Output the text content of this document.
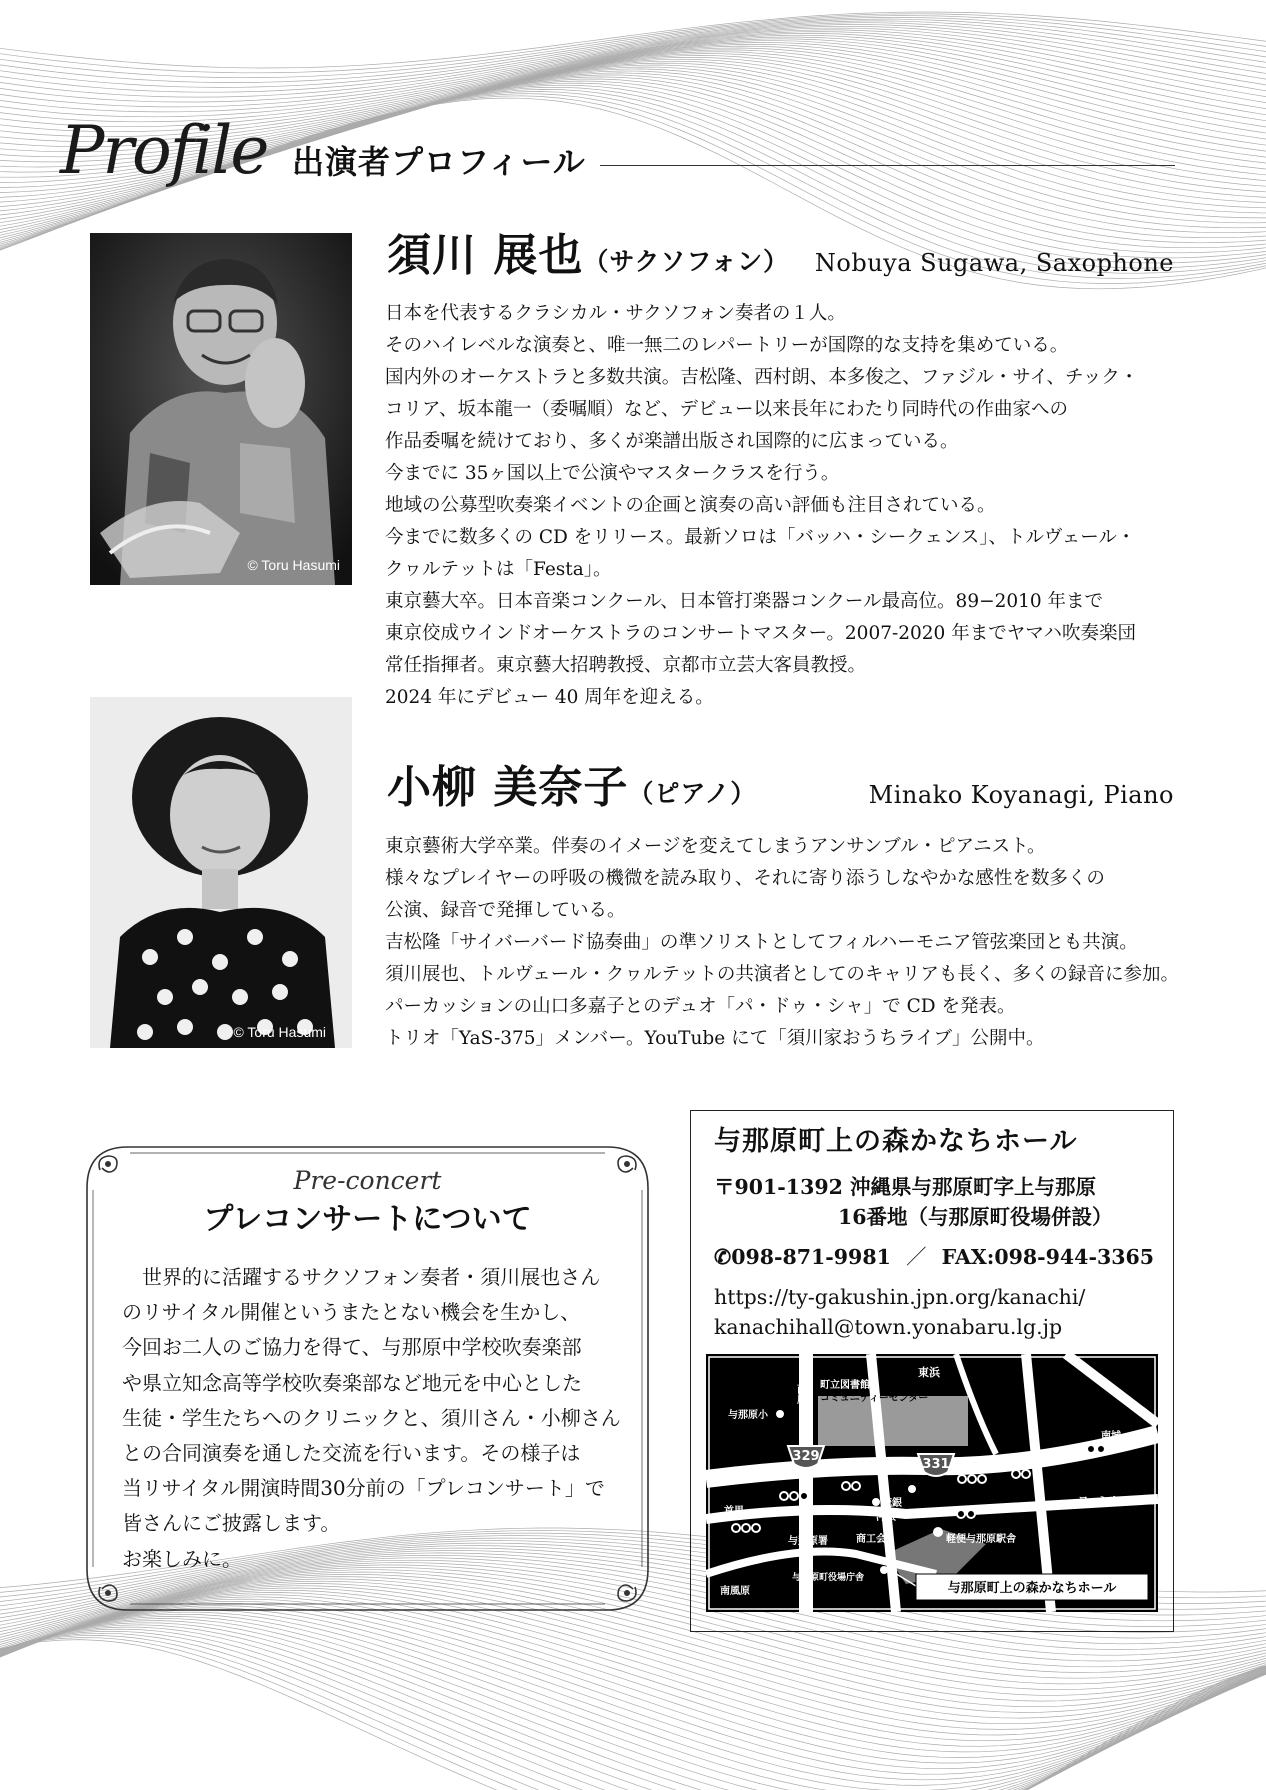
Profile 出演者プロフィール
© Toru Hasumi
須川 展也（サクソフォン） Nobuya Sugawa, Saxophone
日本を代表するクラシカル・サクソフォン奏者の１人。
そのハイレベルな演奏と、唯一無二のレパートリーが国際的な支持を集めている。
国内外のオーケストラと多数共演。吉松隆、西村朗、本多俊之、ファジル・サイ、チック・
コリア、坂本龍一（委嘱順）など、デビュー以来長年にわたり同時代の作曲家への
作品委嘱を続けており、多くが楽譜出版され国際的に広まっている。
今までに 35ヶ国以上で公演やマスタークラスを行う。
地域の公募型吹奏楽イベントの企画と演奏の高い評価も注目されている。
今までに数多くの CD をリリース。最新ソロは「バッハ・シークェンス」、トルヴェール・
クヮルテットは「Festa」。
東京藝大卒。日本音楽コンクール、日本管打楽器コンクール最高位。89−2010 年まで
東京佼成ウインドオーケストラのコンサートマスター。2007-2020 年までヤマハ吹奏楽団
常任指揮者。東京藝大招聘教授、京都市立芸大客員教授。
2024 年にデビュー 40 周年を迎える。
© Toru Hasumi
小柳 美奈子（ピアノ）	Minako Koyanagi, Piano
東京藝術大学卒業。伴奏のイメージを変えてしまうアンサンブル・ピアニスト。
様々なプレイヤーの呼吸の機微を読み取り、それに寄り添うしなやかな感性を数多くの
公演、録音で発揮している。
吉松隆「サイバーバード協奏曲」の準ソリストとしてフィルハーモニア管弦楽団とも共演。
須川展也、トルヴェール・クヮルテットの共演者としてのキャリアも長く、多くの録音に参加。
パーカッションの山口多嘉子とのデュオ「パ・ドゥ・シャ」で CD を発表。
トリオ「YaS-375」メンバー。YouTube にて「須川家おうちライブ」公開中。
Pre-concert
プレコンサートについて
　世界的に活躍するサクソフォン奏者・須川展也さん
のリサイタル開催というまたとない機会を生かし、
今回お二人のご協力を得て、与那原中学校吹奏楽部
や県立知念高等学校吹奏楽部など地元を中心とした
生徒・学生たちへのクリニックと、須川さん・小柳さん
との合同演奏を通した交流を行います。その様子は
当リサイタル開演時間30分前の「プレコンサート」で
皆さんにご披露します。
お楽しみに。
与那原町上の森かなちホール
〒901-1392 沖縄県与那原町字上与那原
16番地（与那原町役場併設）
✆098-871-9981 ／ FAX:098-944-3365
https://ty-gakushin.jpn.org/kanachi/
kanachihall@town.yonabaru.lg.jp
329
331
東浜
西原 町立図書館
コミュニティーセンター
与那原小
南城
首里
琉銀
沖銀
ファミリーマート
与那原署	商工会	軽便与那原駅舎
南風原
与那原町役場庁舎
与那原町上の森かなちホール
